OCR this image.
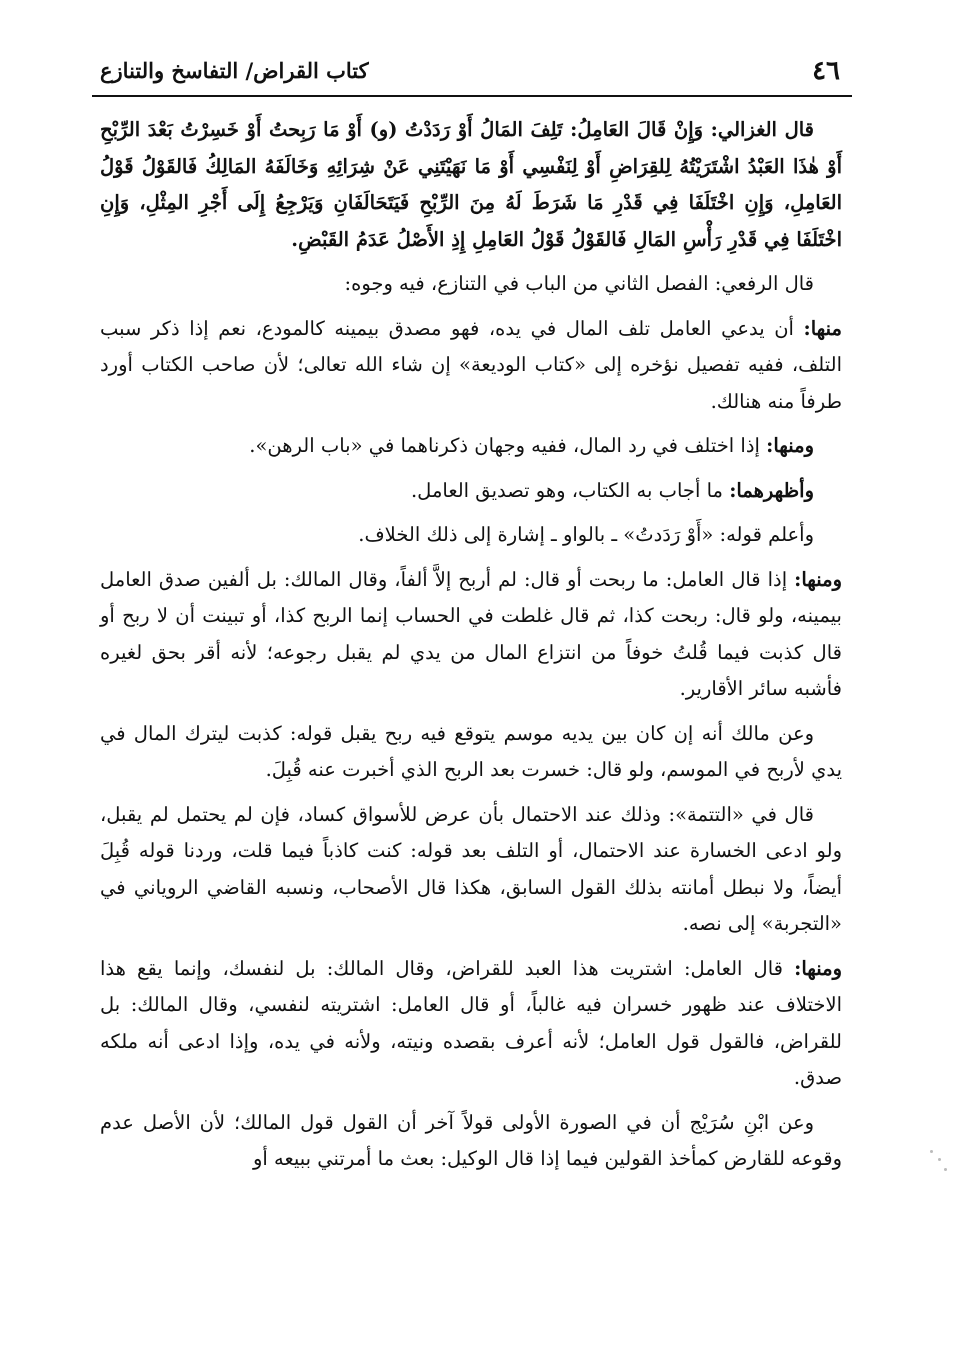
٤٦
كتاب القراض/ التفاسخ والتنازع

قال الغزالي: وَإِنْ قَالَ العَامِلُ: تَلِفَ المَالُ أَوْ رَدَدْتُ (و) أَوْ مَا رَبِحتُ أَوْ خَسِرْتُ بَعْدَ الرِّبْحِ أَوْ هٰذَا العَبْدُ اشْتَرَيْتُهُ لِلقِرَاضِ أَوْ لِنَفْسِي أَوْ مَا نَهَيْتَنِي عَنْ شِرَائِهِ وَخَالَفَهُ المَالِكُ فَالقَوْلُ قَوْلُ العَامِلِ، وَإِنِ اخْتَلَفَا فِي قَدْرِ مَا شَرَطَ لَهُ مِنَ الرِّبْحِ فَيَتَحَالَفَانِ وَيَرْجِعُ إِلَى أَجْرِ المِثْلِ، وَإِنِ اخْتَلَفَا فِي قَدْرِ رَأْسِ المَالِ فَالقَوْلُ قَوْلُ العَامِلِ إِذِ الأَصْلُ عَدَمُ القَبْضِ.

قال الرفعي: الفصل الثاني من الباب في التنازع، فيه وجوه:

منها: أن يدعي العامل تلف المال في يده، فهو مصدق بيمينه كالمودع، نعم إذا ذكر سبب التلف، ففيه تفصيل نؤخره إلى «كتاب الوديعة» إن شاء الله تعالى؛ لأن صاحب الكتاب أورد طرفاً منه هنالك.

ومنها: إذا اختلف في رد المال، ففيه وجهان ذكرناهما في «باب الرهن».

وأظهرهما: ما أجاب به الكتاب، وهو تصديق العامل.

وأعلم قوله: «أَوْ رَدَدتُ» ـ بالواو ـ إشارة إلى ذلك الخلاف.

ومنها: إذا قال العامل: ما ربحت أو قال: لم أربح إلاَّ ألفاً، وقال المالك: بل ألفين صدق العامل بيمينه، ولو قال: ربحت كذا، ثم قال غلطت في الحساب إنما الربح كذا، أو تبينت أن لا ربح أو قال كذبت فيما قُلتُ خوفاً من انتزاع المال من يدي لم يقبل رجوعه؛ لأنه أقر بحق لغيره فأشبه سائر الأقارير.

وعن مالك أنه إن كان بين يديه موسم يتوقع فيه ربح يقبل قوله: كذبت ليترك المال في يدي لأربح في الموسم، ولو قال: خسرت بعد الربح الذي أخبرت عنه قُبِلَ.

قال في «التتمة»: وذلك عند الاحتمال بأن عرض للأسواق كساد، فإن لم يحتمل لم يقبل، ولو ادعى الخسارة عند الاحتمال، أو التلف بعد قوله: كنت كاذباً فيما قلت، وردنا قوله قُبِلَ أيضاً، ولا نبطل أمانته بذلك القول السابق، هكذا قال الأصحاب، ونسبه القاضي الروياني في «التجربة» إلى نصه.

ومنها: قال العامل: اشتريت هذا العبد للقراض، وقال المالك: بل لنفسك، وإنما يقع هذا الاختلاف عند ظهور خسران فيه غالباً، أو قال العامل: اشتريته لنفسي، وقال المالك: بل للقراض، فالقول قول العامل؛ لأنه أعرف بقصده ونيته، ولأنه في يده، وإذا ادعى أنه ملكه صدق.

وعن ابْنِ سُرَيْج أن في الصورة الأولى قولاً آخر أن القول قول المالك؛ لأن الأصل عدم وقوعه للقارض كمأخذ القولين فيما إذا قال الوكيل: بعث ما أمرتني ببيعه أو
